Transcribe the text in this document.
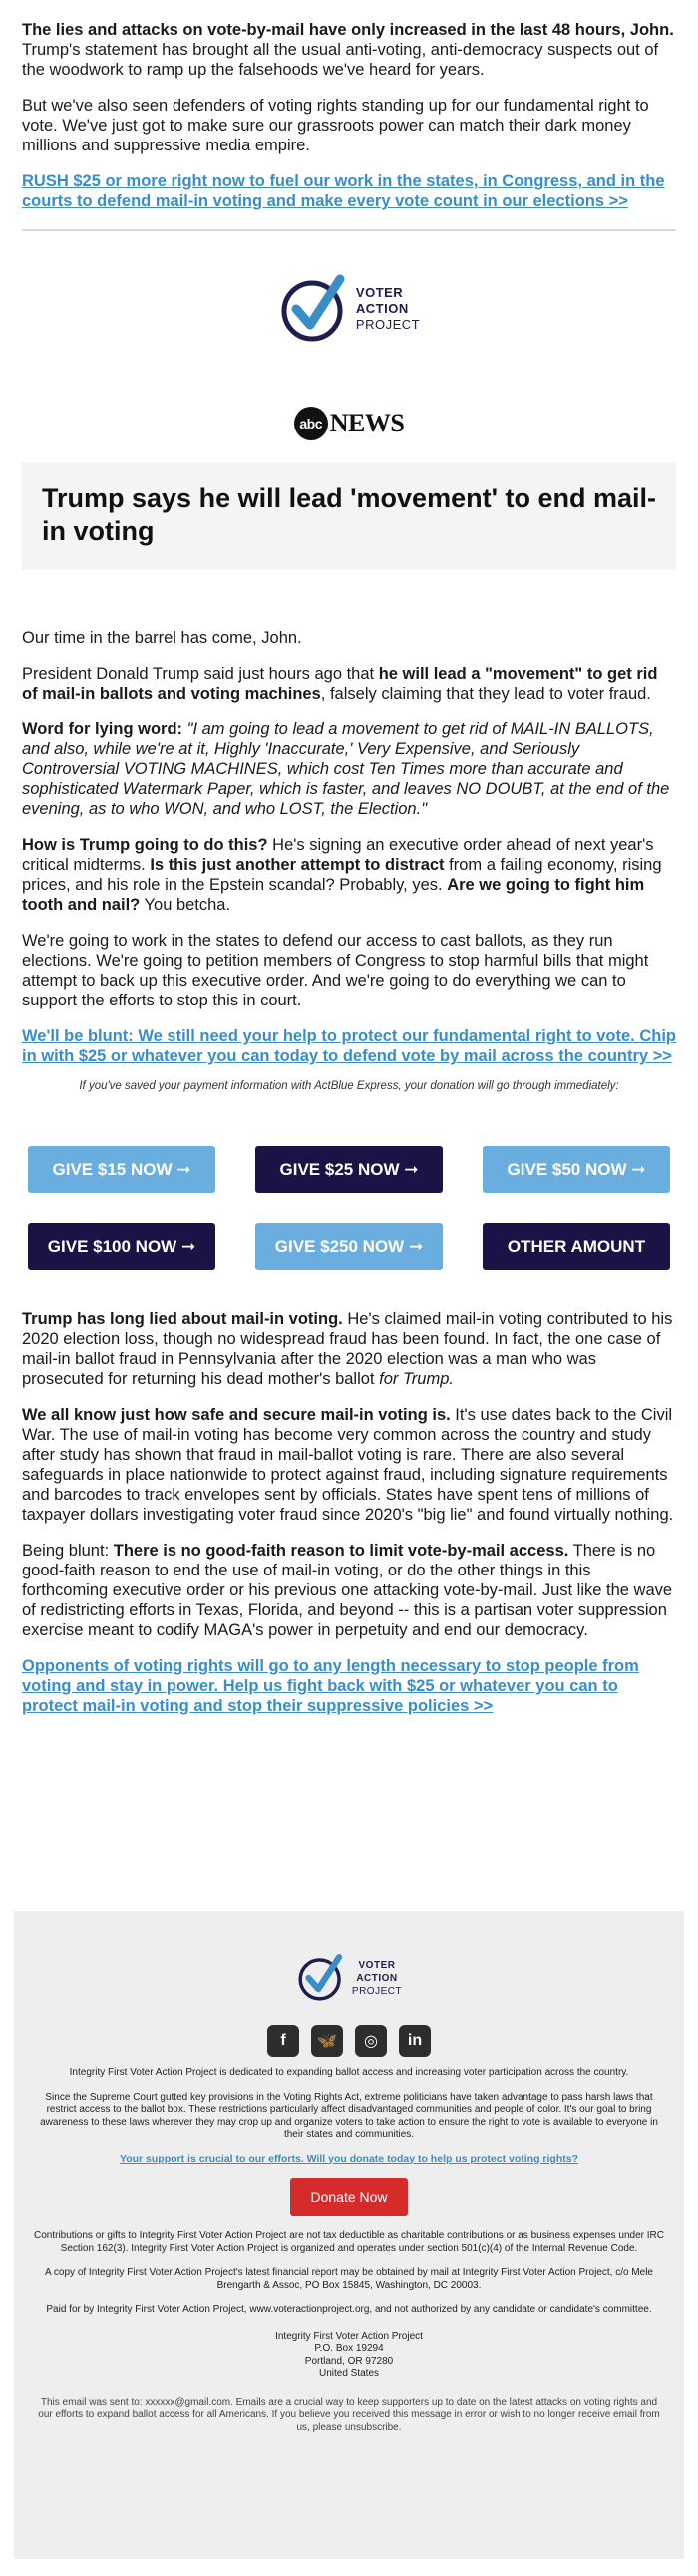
The lies and attacks on vote-by-mail have only increased in the last 48 hours, John. Trump's statement has brought all the usual anti-voting, anti-democracy suspects out of the woodwork to ramp up the falsehoods we've heard for years.

But we've also seen defenders of voting rights standing up for our fundamental right to vote. We've just got to make sure our grassroots power can match their dark money millions and suppressive media empire.

RUSH $25 or more right now to fuel our work in the states, in Congress, and in the courts to defend mail-in voting and make every vote count in our elections >>
VOTER
ACTION
PROJECT
abc NEWS
Trump says he will lead 'movement' to end mail-in voting

Our time in the barrel has come, John.

President Donald Trump said just hours ago that he will lead a "movement" to get rid of mail-in ballots and voting machines, falsely claiming that they lead to voter fraud.

Word for lying word: "I am going to lead a movement to get rid of MAIL-IN BALLOTS, and also, while we're at it, Highly 'Inaccurate,' Very Expensive, and Seriously Controversial VOTING MACHINES, which cost Ten Times more than accurate and sophisticated Watermark Paper, which is faster, and leaves NO DOUBT, at the end of the evening, as to who WON, and who LOST, the Election."

How is Trump going to do this? He's signing an executive order ahead of next year's critical midterms. Is this just another attempt to distract from a failing economy, rising prices, and his role in the Epstein scandal? Probably, yes. Are we going to fight him tooth and nail? You betcha.

We're going to work in the states to defend our access to cast ballots, as they run elections. We're going to petition members of Congress to stop harmful bills that might attempt to back up this executive order. And we're going to do everything we can to support the efforts to stop this in court.

We'll be blunt: We still need your help to protect our fundamental right to vote. Chip in with $25 or whatever you can today to defend vote by mail across the country >>
If you've saved your payment information with ActBlue Express, your donation will go through immediately:
GIVE $15 NOW ➞	GIVE $25 NOW ➞	GIVE $50 NOW ➞
GIVE $100 NOW ➞	GIVE $250 NOW ➞	OTHER AMOUNT

Trump has long lied about mail-in voting. He's claimed mail-in voting contributed to his 2020 election loss, though no widespread fraud has been found. In fact, the one case of mail-in ballot fraud in Pennsylvania after the 2020 election was a man who was prosecuted for returning his dead mother's ballot for Trump.

We all know just how safe and secure mail-in voting is. It's use dates back to the Civil War. The use of mail-in voting has become very common across the country and study after study has shown that fraud in mail-ballot voting is rare. There are also several safeguards in place nationwide to protect against fraud, including signature requirements and barcodes to track envelopes sent by officials. States have spent tens of millions of taxpayer dollars investigating voter fraud since 2020's "big lie" and found virtually nothing.

Being blunt: There is no good-faith reason to limit vote-by-mail access. There is no good-faith reason to end the use of mail-in voting, or do the other things in this forthcoming executive order or his previous one attacking vote-by-mail. Just like the wave of redistricting efforts in Texas, Florida, and beyond -- this is a partisan voter suppression exercise meant to codify MAGA's power in perpetuity and end our democracy.

Opponents of voting rights will go to any length necessary to stop people from voting and stay in power. Help us fight back with $25 or whatever you can to protect mail-in voting and stop their suppressive policies >>
VOTER
ACTION
PROJECT
f	🦋	◎	in

Integrity First Voter Action Project is dedicated to expanding ballot access and increasing voter participation across the country.

Since the Supreme Court gutted key provisions in the Voting Rights Act, extreme politicians have taken advantage to pass harsh laws that restrict access to the ballot box. These restrictions particularly affect disadvantaged communities and people of color. It's our goal to bring awareness to these laws wherever they may crop up and organize voters to take action to ensure the right to vote is available to everyone in their states and communities.

Your support is crucial to our efforts. Will you donate today to help us protect voting rights?

Donate Now

Contributions or gifts to Integrity First Voter Action Project are not tax deductible as charitable contributions or as business expenses under IRC Section 162(3). Integrity First Voter Action Project is organized and operates under section 501(c)(4) of the Internal Revenue Code.

A copy of Integrity First Voter Action Project's latest financial report may be obtained by mail at Integrity First Voter Action Project, c/o Mele Brengarth & Assoc, PO Box 15845, Washington, DC 20003.

Paid for by Integrity First Voter Action Project, www.voteractionproject.org, and not authorized by any candidate or candidate's committee.

Integrity First Voter Action Project

P.O. Box 19294

Portland, OR 97280

United States

This email was sent to: xxxxxx@gmail.com. Emails are a crucial way to keep supporters up to date on the latest attacks on voting rights and our efforts to expand ballot access for all Americans. If you believe you received this message in error or wish to no longer receive email from us, please unsubscribe.
